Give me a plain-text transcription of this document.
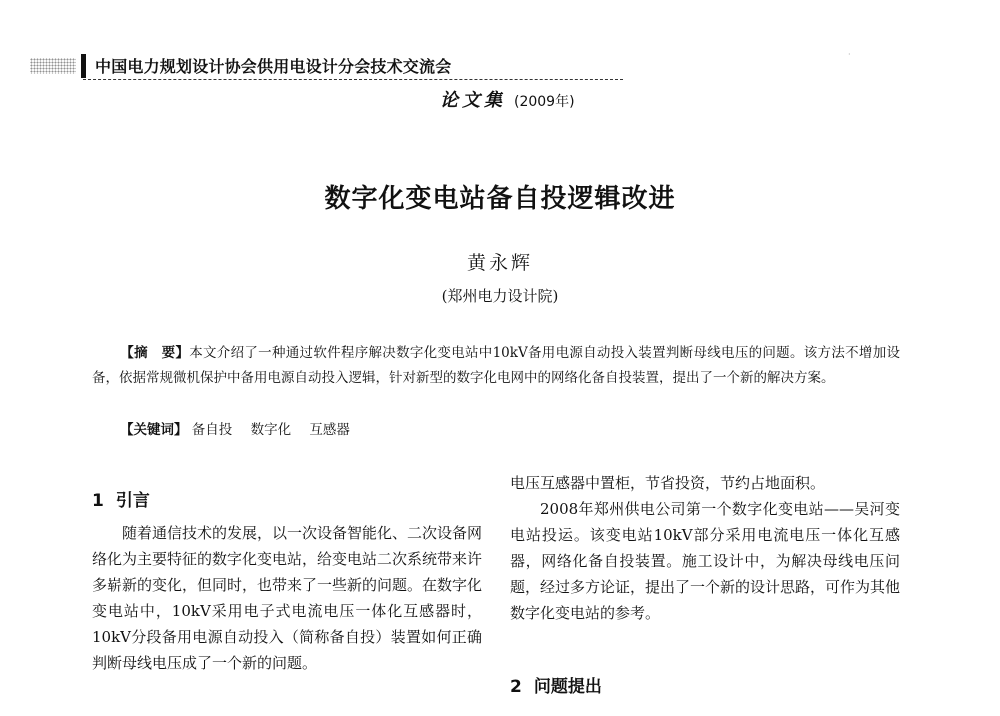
中国电力规划设计协会供用电设计分会技术交流会
论文集 (2009年)
·
数字化变电站备自投逻辑改进
黄永辉
(郑州电力设计院)
【摘　要】本文介绍了一种通过软件程序解决数字化变电站中10kV备用电源自动投入装置判断母线电压的问题。该方法不增加设备，依据常规微机保护中备用电源自动投入逻辑，针对新型的数字化电网中的网络化备自投装置，提出了一个新的解决方案。
【关键词】 备自投 数字化 互感器
1 引言
随着通信技术的发展，以一次设备智能化、二次设备网络化为主要特征的数字化变电站，给变电站二次系统带来许多崭新的变化，但同时，也带来了一些新的问题。在数字化变电站中，10kV采用电子式电流电压一体化互感器时，10kV分段备用电源自动投入（简称备自投）装置如何正确判断母线电压成了一个新的问题。
电压互感器中置柜，节省投资，节约占地面积。
2008年郑州供电公司第一个数字化变电站——吴河变电站投运。该变电站10kV部分采用电流电压一体化互感器，网络化备自投装置。施工设计中，为解决母线电压问题，经过多方论证，提出了一个新的设计思路，可作为其他数字化变电站的参考。
2 问题提出
